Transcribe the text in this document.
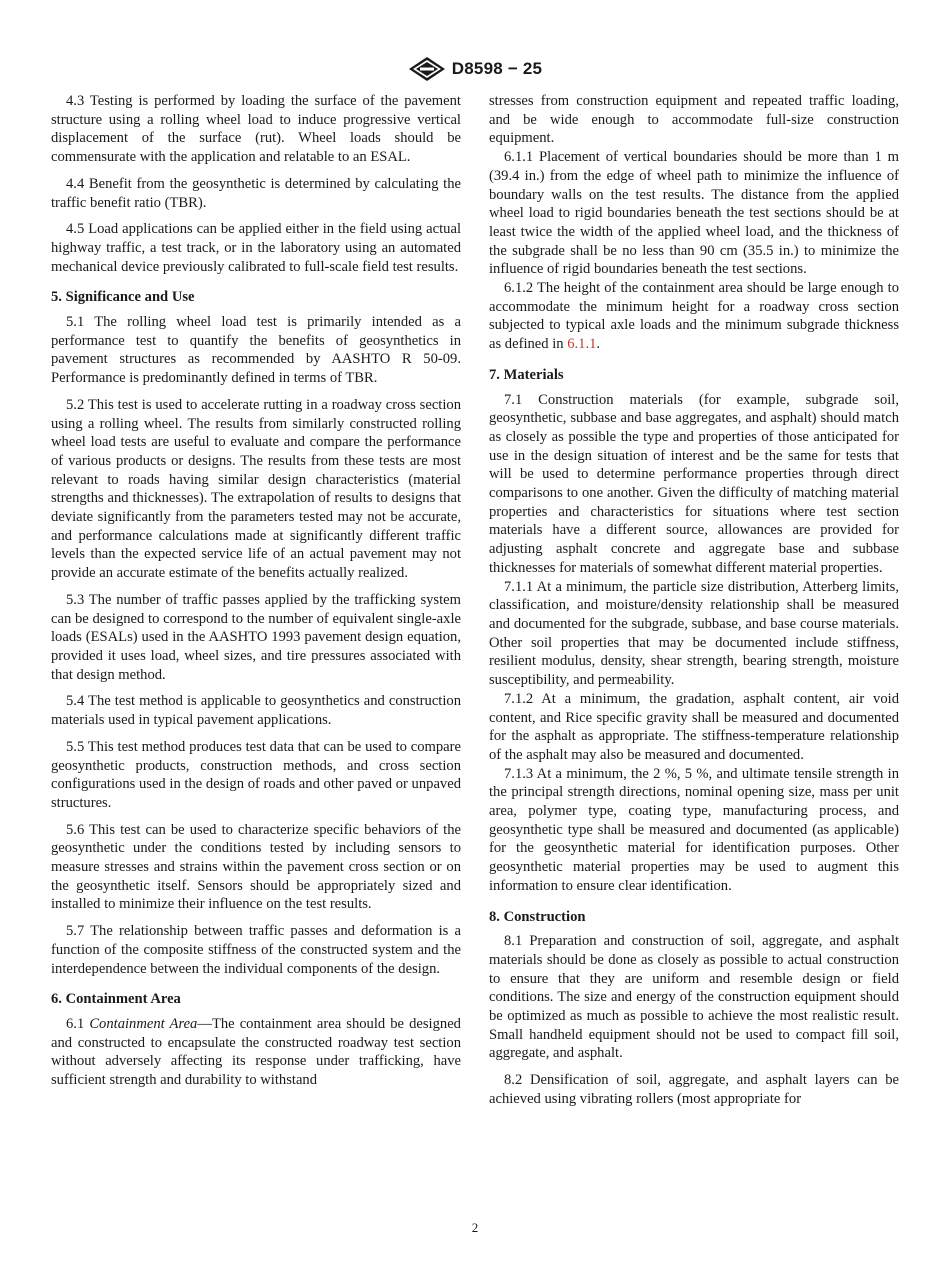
D8598 − 25

4.3 Testing is performed by loading the surface of the pavement structure using a rolling wheel load to induce progressive vertical displacement of the surface (rut). Wheel loads should be commensurate with the application and relatable to an ESAL.

4.4 Benefit from the geosynthetic is determined by calculating the traffic benefit ratio (TBR).

4.5 Load applications can be applied either in the field using actual highway traffic, a test track, or in the laboratory using an automated mechanical device previously calibrated to full-scale field test results.

5. Significance and Use

5.1 The rolling wheel load test is primarily intended as a performance test to quantify the benefits of geosynthetics in pavement structures as recommended by AASHTO R 50-09. Performance is predominantly defined in terms of TBR.

5.2 This test is used to accelerate rutting in a roadway cross section using a rolling wheel. The results from similarly constructed rolling wheel load tests are useful to evaluate and compare the performance of various products or designs. The results from these tests are most relevant to roads having similar design characteristics (material strengths and thicknesses). The extrapolation of results to designs that deviate significantly from the parameters tested may not be accurate, and performance calculations made at significantly different traffic levels than the expected service life of an actual pavement may not provide an accurate estimate of the benefits actually realized.

5.3 The number of traffic passes applied by the trafficking system can be designed to correspond to the number of equivalent single-axle loads (ESALs) used in the AASHTO 1993 pavement design equation, provided it uses load, wheel sizes, and tire pressures associated with that design method.

5.4 The test method is applicable to geosynthetics and construction materials used in typical pavement applications.

5.5 This test method produces test data that can be used to compare geosynthetic products, construction methods, and cross section configurations used in the design of roads and other paved or unpaved structures.

5.6 This test can be used to characterize specific behaviors of the geosynthetic under the conditions tested by including sensors to measure stresses and strains within the pavement cross section or on the geosynthetic itself. Sensors should be appropriately sized and installed to minimize their influence on the test results.

5.7 The relationship between traffic passes and deformation is a function of the composite stiffness of the constructed system and the interdependence between the individual components of the design.

6. Containment Area

6.1 Containment Area—The containment area should be designed and constructed to encapsulate the constructed roadway test section without adversely affecting its response under trafficking, have sufficient strength and durability to withstand

stresses from construction equipment and repeated traffic loading, and be wide enough to accommodate full-size construction equipment.

6.1.1 Placement of vertical boundaries should be more than 1 m (39.4 in.) from the edge of wheel path to minimize the influence of boundary walls on the test results. The distance from the applied wheel load to rigid boundaries beneath the test sections should be at least twice the width of the applied wheel load, and the thickness of the subgrade shall be no less than 90 cm (35.5 in.) to minimize the influence of rigid boundaries beneath the test sections.

6.1.2 The height of the containment area should be large enough to accommodate the minimum height for a roadway cross section subjected to typical axle loads and the minimum subgrade thickness as defined in 6.1.1.

7. Materials

7.1 Construction materials (for example, subgrade soil, geosynthetic, subbase and base aggregates, and asphalt) should match as closely as possible the type and properties of those anticipated for use in the design situation of interest and be the same for tests that will be used to determine performance properties through direct comparisons to one another. Given the difficulty of matching material properties and characteristics for situations where test section materials have a different source, allowances are provided for adjusting asphalt concrete and aggregate base and subbase thicknesses for materials of somewhat different material properties.

7.1.1 At a minimum, the particle size distribution, Atterberg limits, classification, and moisture/density relationship shall be measured and documented for the subgrade, subbase, and base course materials. Other soil properties that may be documented include stiffness, resilient modulus, density, shear strength, bearing strength, moisture susceptibility, and permeability.

7.1.2 At a minimum, the gradation, asphalt content, air void content, and Rice specific gravity shall be measured and documented for the asphalt as appropriate. The stiffness-temperature relationship of the asphalt may also be measured and documented.

7.1.3 At a minimum, the 2 %, 5 %, and ultimate tensile strength in the principal strength directions, nominal opening size, mass per unit area, polymer type, coating type, manufacturing process, and geosynthetic type shall be measured and documented (as applicable) for the geosynthetic material for identification purposes. Other geosynthetic material properties may be used to augment this information to ensure clear identification.

8. Construction

8.1 Preparation and construction of soil, aggregate, and asphalt materials should be done as closely as possible to actual construction to ensure that they are uniform and resemble design or field conditions. The size and energy of the construction equipment should be optimized as much as possible to achieve the most realistic result. Small handheld equipment should not be used to compact fill soil, aggregate, and asphalt.

8.2 Densification of soil, aggregate, and asphalt layers can be achieved using vibrating rollers (most appropriate for

2
